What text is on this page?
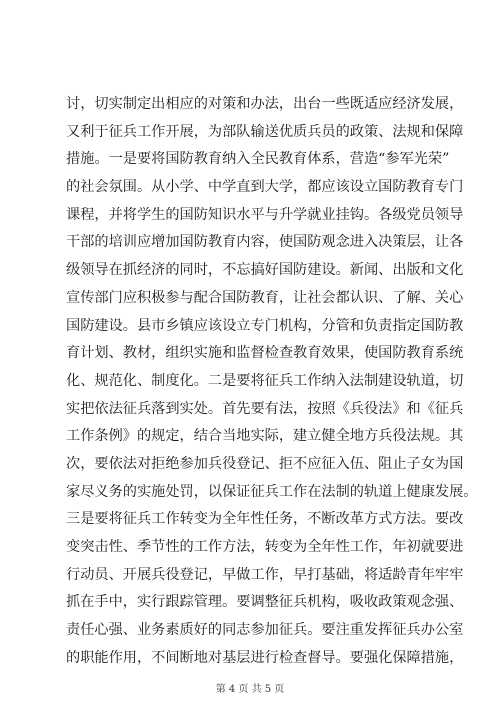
讨，切实制定出相应的对策和办法，出台一些既适应经济发展，
又利于征兵工作开展，为部队输送优质兵员的政策、法规和保障
措施。一是要将国防教育纳入全民教育体系，营造“参军光荣”
的社会氛围。从小学、中学直到大学，都应该设立国防教育专门
课程，并将学生的国防知识水平与升学就业挂钩。各级党员领导
干部的培训应增加国防教育内容，使国防观念进入决策层，让各
级领导在抓经济的同时，不忘搞好国防建设。新闻、出版和文化
宣传部门应积极参与配合国防教育，让社会都认识、了解、关心
国防建设。县市乡镇应该设立专门机构，分管和负责指定国防教
育计划、教材，组织实施和监督检查教育效果，使国防教育系统
化、规范化、制度化。二是要将征兵工作纳入法制建设轨道，切
实把依法征兵落到实处。首先要有法，按照《兵役法》和《征兵
工作条例》的规定，结合当地实际，建立健全地方兵役法规。其
次，要依法对拒绝参加兵役登记、拒不应征入伍、阻止子女为国
家尽义务的实施处罚，以保证征兵工作在法制的轨道上健康发展。
三是要将征兵工作转变为全年性任务，不断改革方式方法。要改
变突击性、季节性的工作方法，转变为全年性工作，年初就要进
行动员、开展兵役登记，早做工作，早打基础，将适龄青年牢牢
抓在手中，实行跟踪管理。要调整征兵机构，吸收政策观念强、
责任心强、业务素质好的同志参加征兵。要注重发挥征兵办公室
的职能作用，不间断地对基层进行检查督导。要强化保障措施，
第 4 页 共 5 页
